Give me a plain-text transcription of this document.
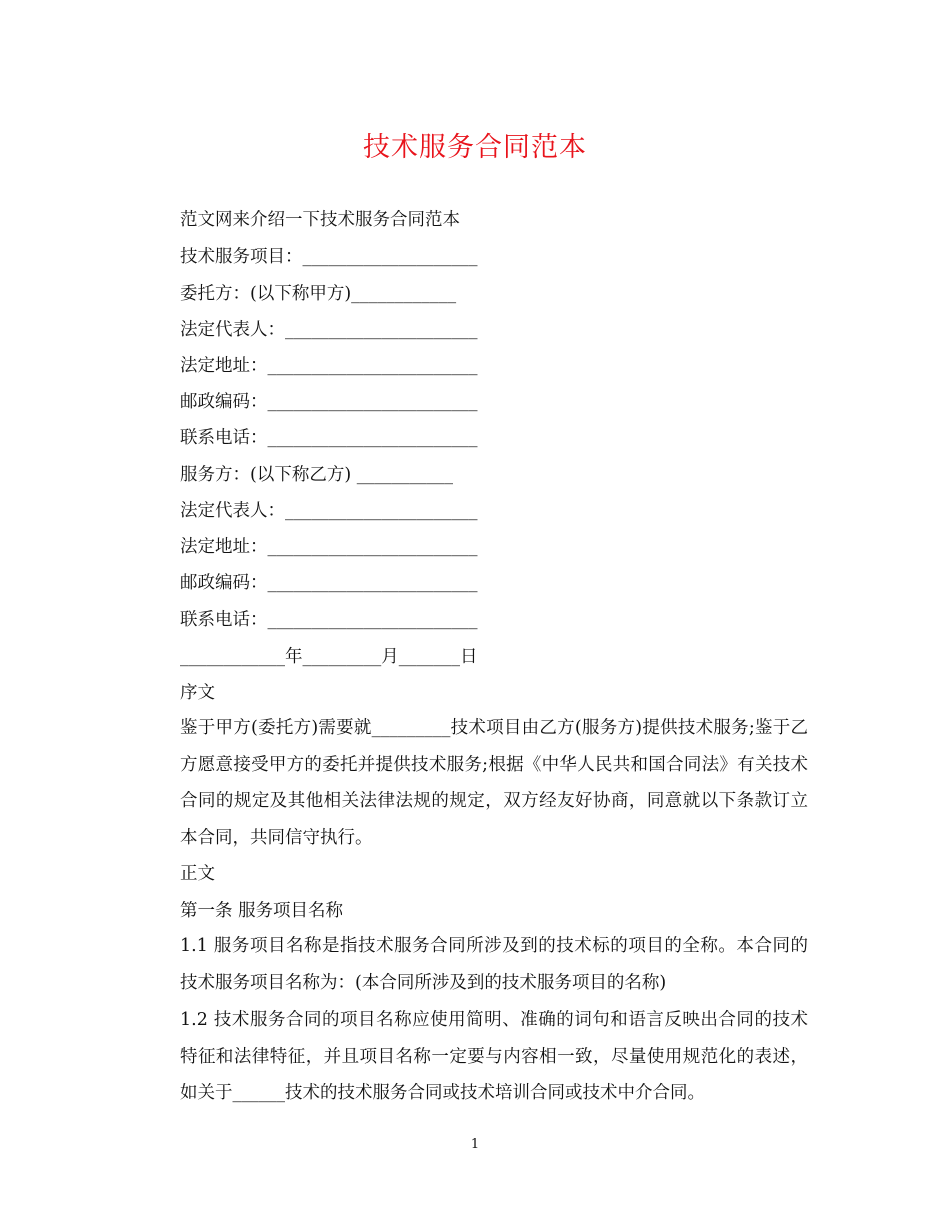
技术服务合同范本
范文网来介绍一下技术服务合同范本
技术服务项目：____________________
委托方：(以下称甲方)____________
法定代表人：______________________
法定地址：________________________
邮政编码：________________________
联系电话：________________________
服务方：(以下称乙方) ___________
法定代表人：______________________
法定地址：________________________
邮政编码：________________________
联系电话：________________________
____________年_________月_______日
序文
鉴于甲方(委托方)需要就_________技术项目由乙方(服务方)提供技术服务;鉴于乙方愿意接受甲方的委托并提供技术服务;根据《中华人民共和国合同法》有关技术合同的规定及其他相关法律法规的规定，双方经友好协商，同意就以下条款订立本合同，共同信守执行。
正文
第一条 服务项目名称
1.1 服务项目名称是指技术服务合同所涉及到的技术标的项目的全称。本合同的技术服务项目名称为：(本合同所涉及到的技术服务项目的名称)
1.2 技术服务合同的项目名称应使用简明、准确的词句和语言反映出合同的技术特征和法律特征，并且项目名称一定要与内容相一致，尽量使用规范化的表述，如关于______技术的技术服务合同或技术培训合同或技术中介合同。
1
